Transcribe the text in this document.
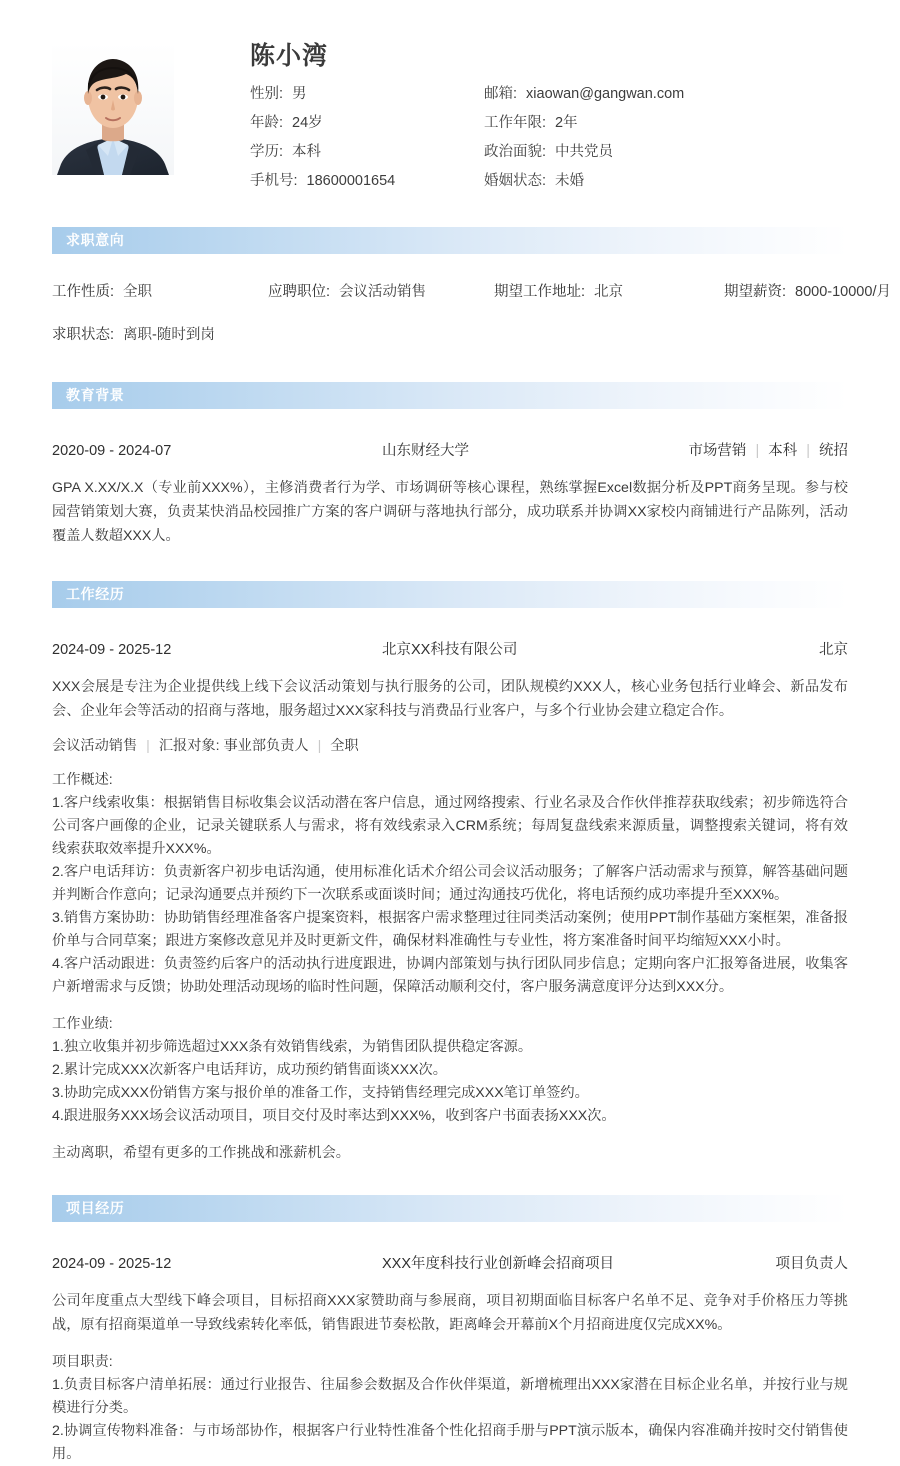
陈小湾
性别: 男	邮箱: xiaowan@gangwan.com
年龄: 24岁	工作年限: 2年
学历: 本科	政治面貌: 中共党员
手机号: 18600001654	婚姻状态: 未婚
求职意向
工作性质: 全职	应聘职位: 会议活动销售	期望工作地址: 北京	期望薪资: 8000-10000/月
求职状态: 离职-随时到岗
教育背景
2020-09 - 2024-07	山东财经大学	市场营销 | 本科 | 统招
GPA X.XX/X.X（专业前XXX%），主修消费者行为学、市场调研等核心课程，熟练掌握Excel数据分析及PPT商务呈现。参与校园营销策划大赛，负责某快消品校园推广方案的客户调研与落地执行部分，成功联系并协调XX家校内商铺进行产品陈列，活动覆盖人数超XXX人。
工作经历
2024-09 - 2025-12	北京XX科技有限公司	北京
XXX会展是专注为企业提供线上线下会议活动策划与执行服务的公司，团队规模约XXX人，核心业务包括行业峰会、新品发布会、企业年会等活动的招商与落地，服务超过XXX家科技与消费品行业客户，与多个行业协会建立稳定合作。
会议活动销售 | 汇报对象: 事业部负责人 | 全职
工作概述:
1.客户线索收集：根据销售目标收集会议活动潜在客户信息，通过网络搜索、行业名录及合作伙伴推荐获取线索；初步筛选符合公司客户画像的企业，记录关键联系人与需求，将有效线索录入CRM系统；每周复盘线索来源质量，调整搜索关键词，将有效线索获取效率提升XXX%。
2.客户电话拜访：负责新客户初步电话沟通，使用标准化话术介绍公司会议活动服务；了解客户活动需求与预算，解答基础问题并判断合作意向；记录沟通要点并预约下一次联系或面谈时间；通过沟通技巧优化，将电话预约成功率提升至XXX%。
3.销售方案协助：协助销售经理准备客户提案资料，根据客户需求整理过往同类活动案例；使用PPT制作基础方案框架，准备报价单与合同草案；跟进方案修改意见并及时更新文件，确保材料准确性与专业性，将方案准备时间平均缩短XXX小时。
4.客户活动跟进：负责签约后客户的活动执行进度跟进，协调内部策划与执行团队同步信息；定期向客户汇报筹备进展，收集客户新增需求与反馈；协助处理活动现场的临时性问题，保障活动顺利交付，客户服务满意度评分达到XXX分。
工作业绩:
1.独立收集并初步筛选超过XXX条有效销售线索，为销售团队提供稳定客源。
2.累计完成XXX次新客户电话拜访，成功预约销售面谈XXX次。
3.协助完成XXX份销售方案与报价单的准备工作，支持销售经理完成XXX笔订单签约。
4.跟进服务XXX场会议活动项目，项目交付及时率达到XXX%，收到客户书面表扬XXX次。
主动离职，希望有更多的工作挑战和涨薪机会。
项目经历
2024-09 - 2025-12	XXX年度科技行业创新峰会招商项目	项目负责人
公司年度重点大型线下峰会项目，目标招商XXX家赞助商与参展商，项目初期面临目标客户名单不足、竞争对手价格压力等挑战，原有招商渠道单一导致线索转化率低，销售跟进节奏松散，距离峰会开幕前X个月招商进度仅完成XX%。
项目职责:
1.负责目标客户清单拓展：通过行业报告、往届参会数据及合作伙伴渠道，新增梳理出XXX家潜在目标企业名单，并按行业与规模进行分类。
2.协调宣传物料准备：与市场部协作，根据客户行业特性准备个性化招商手册与PPT演示版本，确保内容准确并按时交付销售使用。
